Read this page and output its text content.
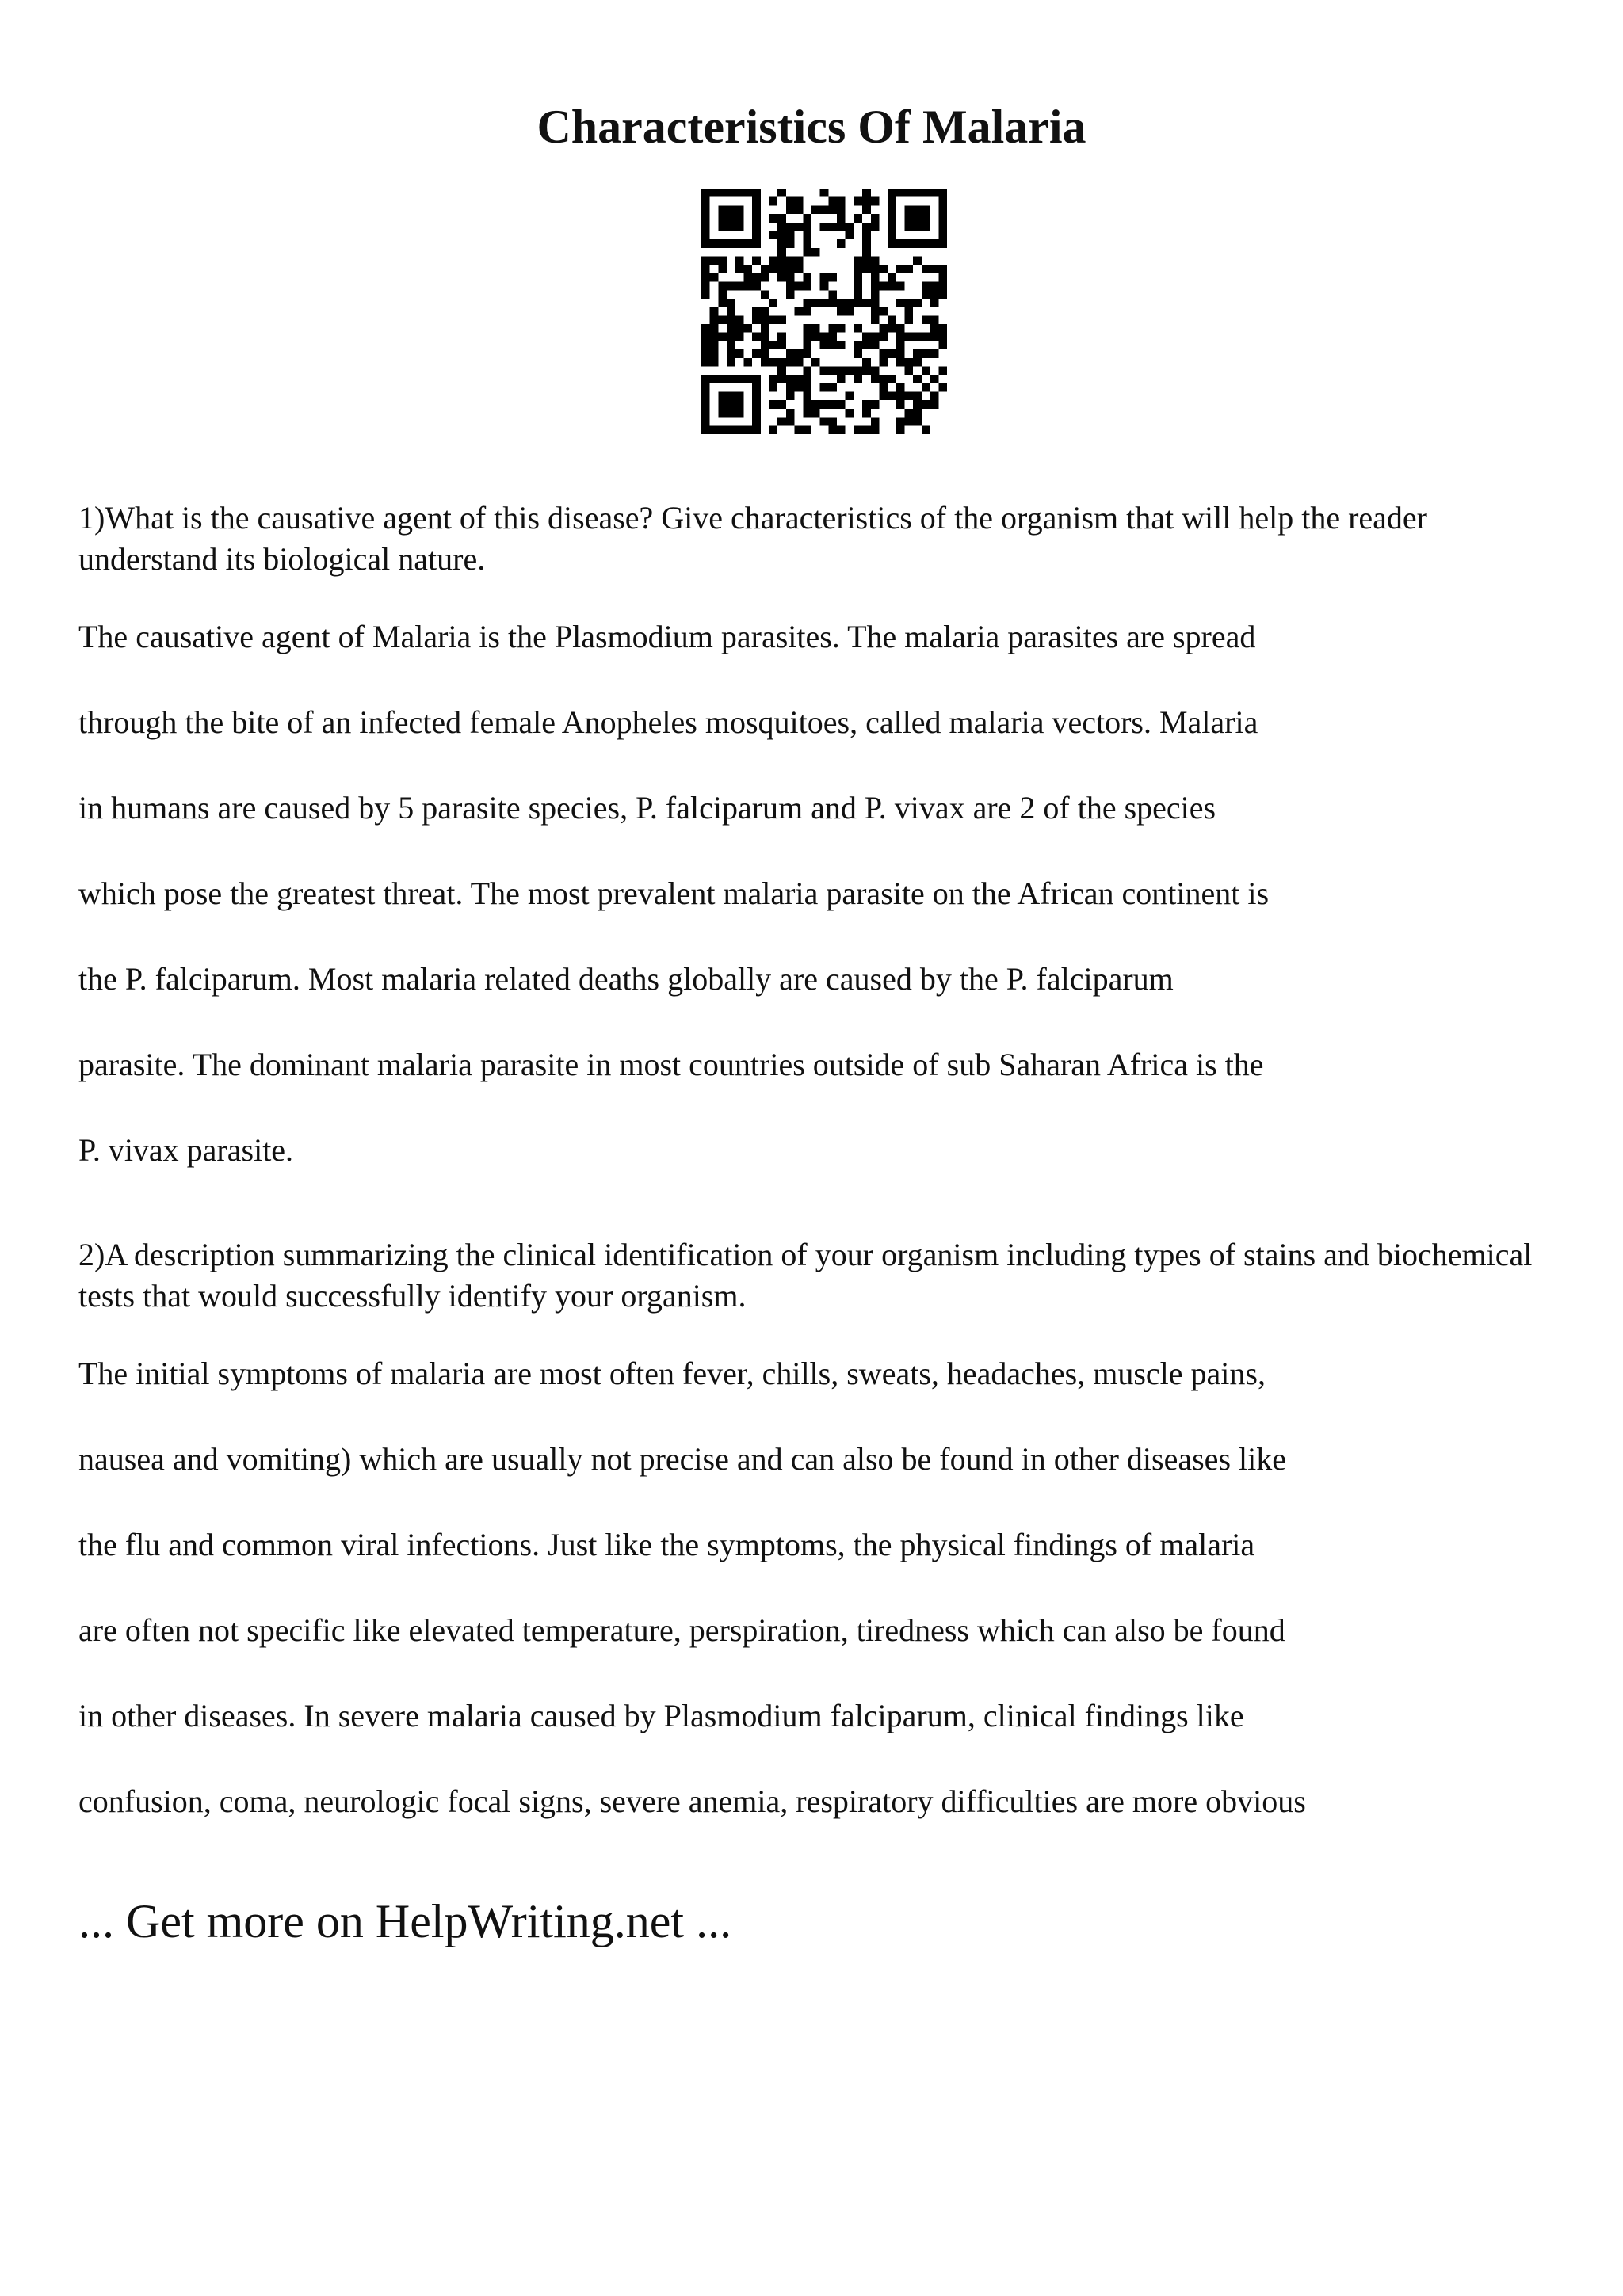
Characteristics Of Malaria

1)What is the causative agent of this disease? Give characteristics of the organism that will help the reader understand its biological nature.

The causative agent of Malaria is the Plasmodium parasites. The malaria parasites are spread
through the bite of an infected female Anopheles mosquitoes, called malaria vectors. Malaria
in humans are caused by 5 parasite species, P. falciparum and P. vivax are 2 of the species
which pose the greatest threat. The most prevalent malaria parasite on the African continent is
the P. falciparum. Most malaria related deaths globally are caused by the P. falciparum
parasite. The dominant malaria parasite in most countries outside of sub Saharan Africa is the
P. vivax parasite.

2)A description summarizing the clinical identification of your organism including types of stains and biochemical tests that would successfully identify your organism.

The initial symptoms of malaria are most often fever, chills, sweats, headaches, muscle pains,
nausea and vomiting) which are usually not precise and can also be found in other diseases like
the flu and common viral infections. Just like the symptoms, the physical findings of malaria
are often not specific like elevated temperature, perspiration, tiredness which can also be found
in other diseases. In severe malaria caused by Plasmodium falciparum, clinical findings like
confusion, coma, neurologic focal signs, severe anemia, respiratory difficulties are more obvious

... Get more on HelpWriting.net ...
